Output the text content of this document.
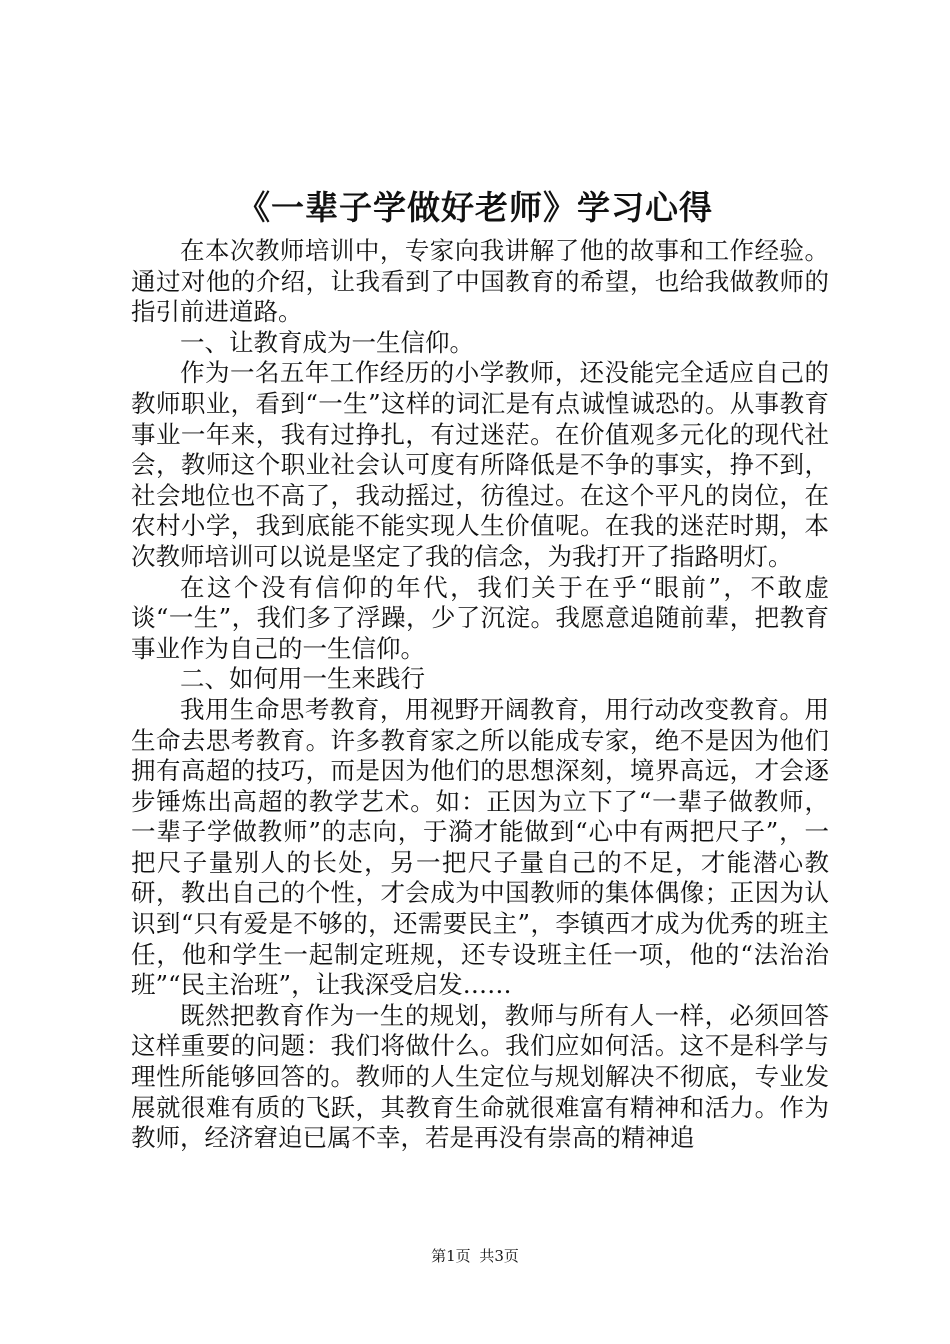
《一辈子学做好老师》学习心得

在本次教师培训中，专家向我讲解了他的故事和工作经验。通过对他的介绍，让我看到了中国教育的希望，也给我做教师的指引前进道路。

一、让教育成为一生信仰。

作为一名五年工作经历的小学教师，还没能完全适应自己的教师职业，看到“一生”这样的词汇是有点诚惶诚恐的。从事教育事业一年来，我有过挣扎，有过迷茫。在价值观多元化的现代社会，教师这个职业社会认可度有所降低是不争的事实，挣不到，社会地位也不高了，我动摇过，彷徨过。在这个平凡的岗位，在农村小学，我到底能不能实现人生价值呢。在我的迷茫时期，本次教师培训可以说是坚定了我的信念，为我打开了指路明灯。

在这个没有信仰的年代，我们关于在乎“眼前”，不敢虚谈“一生”，我们多了浮躁，少了沉淀。我愿意追随前辈，把教育事业作为自己的一生信仰。

二、如何用一生来践行

我用生命思考教育，用视野开阔教育，用行动改变教育。用生命去思考教育。许多教育家之所以能成专家，绝不是因为他们拥有高超的技巧，而是因为他们的思想深刻，境界高远，才会逐步锤炼出高超的教学艺术。如：正因为立下了“一辈子做教师，一辈子学做教师”的志向，于漪才能做到“心中有两把尺子”，一把尺子量别人的长处，另一把尺子量自己的不足，才能潜心教研，教出自己的个性，才会成为中国教师的集体偶像；正因为认识到“只有爱是不够的，还需要民主”，李镇西才成为优秀的班主任，他和学生一起制定班规，还专设班主任一项，他的“法治治班”“民主治班”，让我深受启发……

既然把教育作为一生的规划，教师与所有人一样，必须回答这样重要的问题：我们将做什么。我们应如何活。这不是科学与理性所能够回答的。教师的人生定位与规划解决不彻底，专业发展就很难有质的飞跃，其教育生命就很难富有精神和活力。作为教师，经济窘迫已属不幸，若是再没有崇高的精神追

第1页 共3页
